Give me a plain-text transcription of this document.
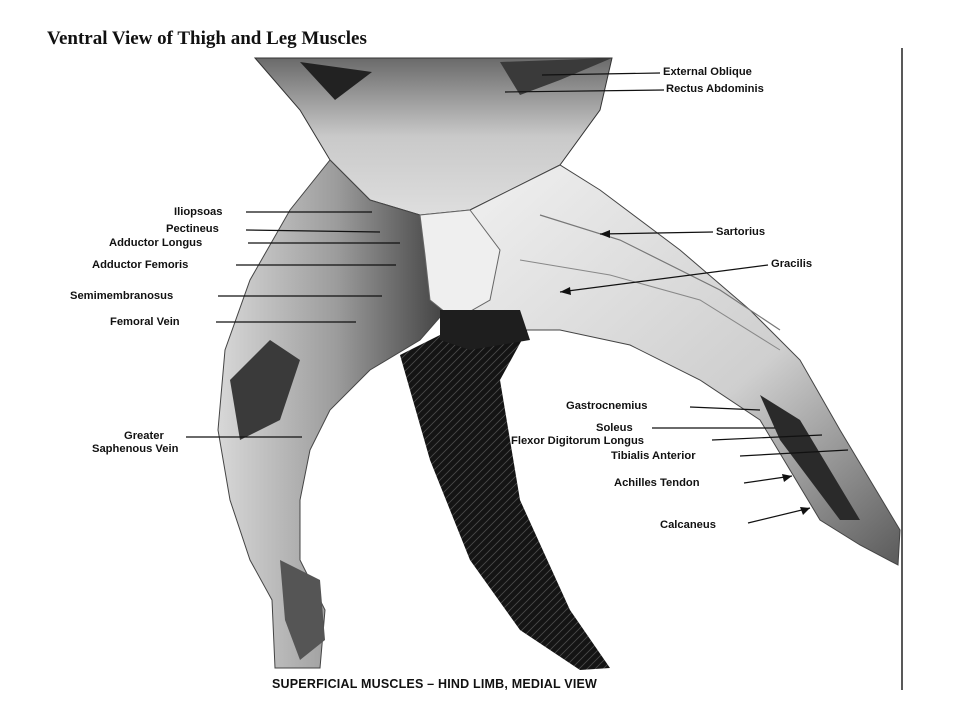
Ventral View of Thigh and Leg Muscles
External Oblique
Rectus Abdominis
Sartorius
Gracilis
Iliopsoas
Pectineus
Adductor Longus
Adductor Femoris
Semimembranosus
Femoral Vein
Greater
Saphenous Vein
Gastrocnemius
Soleus
Flexor Digitorum Longus
Tibialis Anterior
Achilles Tendon
Calcaneus
SUPERFICIAL MUSCLES – HIND LIMB, MEDIAL VIEW
